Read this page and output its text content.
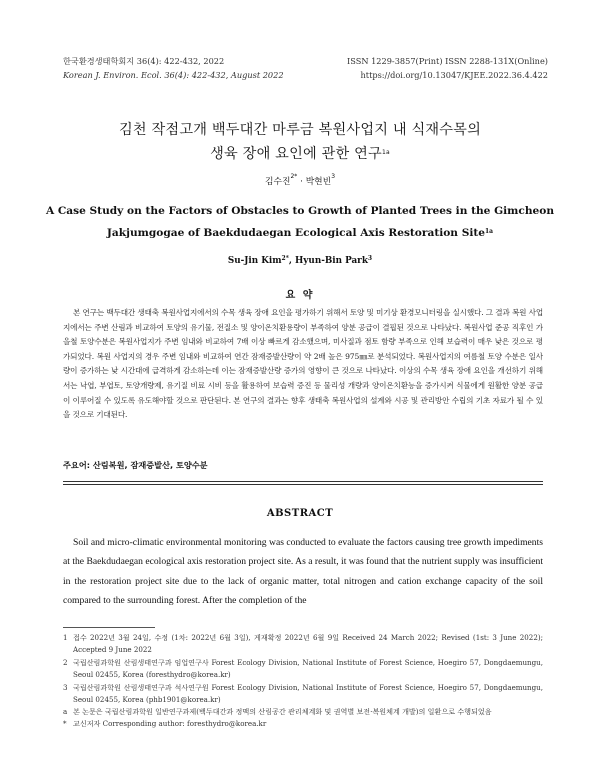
한국환경생태학회지 36(4): 422-432, 2022
Korean J. Environ. Ecol. 36(4): 422-432, August 2022
ISSN 1229-3857(Print) ISSN 2288-131X(Online)
https://doi.org/10.13047/KJEE.2022.36.4.422
김천 작점고개 백두대간 마루금 복원사업지 내 식재수목의
생육 장애 요인에 관한 연구$^{1a}$
김수진$^{2*}$ · 박현빈$^3$
A Case Study on the Factors of Obstacles to Growth of Planted Trees in the Gimcheon
Jakjumgogae of Baekdudaegan Ecological Axis Restoration Site$^{1a}$
Su-Jin Kim$^{2*}$, Hyun-Bin Park$^3$
요 약

본 연구는 백두대간 생태축 복원사업지에서의 수목 생육 장애 요인을 평가하기 위해서 토양 및 미기상 환경모니터링을 실시했다. 그 결과 복원 사업지에서는 주변 산림과 비교하여 토양의 유기물, 전질소 및 양이온치환용량이 부족하여 양분 공급이 결핍된 것으로 나타났다. 복원사업 준공 직후인 가을철 토양수분은 복원사업지가 주변 임내와 비교하여 7배 이상 빠르게 감소했으며, 미사질과 점토 함량 부족으로 인해 보습력이 매우 낮은 것으로 평가되었다. 복원 사업지의 경우 주변 임내와 비교하여 연간 잠재증발산량이 약 2배 높은 975㎜로 분석되었다. 복원사업지의 여름철 토양 수분은 일사량이 증가하는 낮 시간대에 급격하게 감소하는데 이는 잠재증발산량 증가의 영향이 큰 것으로 나타났다. 이상의 수목 생육 장애 요인을 개선하기 위해서는 낙엽, 부엽토, 토양개량제, 유기질 비료 시비 등을 활용하여 보습력 증진 등 물리성 개량과 양이온치환능을 증가시켜 식물에게 원활한 양분 공급이 이루어질 수 있도록 유도해야할 것으로 판단된다. 본 연구의 결과는 향후 생태축 복원사업의 설계와 시공 및 관리방안 수립의 기초 자료가 될 수 있을 것으로 기대된다.

주요어: 산림복원, 잠재증발산, 토양수분
ABSTRACT

Soil and micro-climatic environmental monitoring was conducted to evaluate the factors causing tree growth impediments at the Baekdudaegan ecological axis restoration project site. As a result, it was found that the nutrient supply was insufficient in the restoration project site due to the lack of organic matter, total nitrogen and cation exchange capacity of the soil compared to the surrounding forest. After the completion of the

1 접수 2022년 3월 24일, 수정 (1차: 2022년 6월 3일), 게재확정 2022년 6월 9일 Received 24 March 2022; Revised (1st: 3 June 2022); Accepted 9 June 2022
2 국립산림과학원 산림생태연구과 임업연구사 Forest Ecology Division, National Institute of Forest Science, Hoegiro 57, Dongdaemungu, Seoul 02455, Korea (foresthydro@korea.kr)
3 국립산림과학원 산림생태연구과 석사연구원 Forest Ecology Division, National Institute of Forest Science, Hoegiro 57, Dongdaemungu, Seoul 02455, Korea (phb1901@korea.kr)
a 본 논문은 국립산림과학원 일반연구과제(백두대간과 정맥의 산림공간 관리체계화 및 권역별 보전·복원체계 개발)의 일환으로 수행되었음
* 교신저자 Corresponding author: foresthydro@korea.kr
